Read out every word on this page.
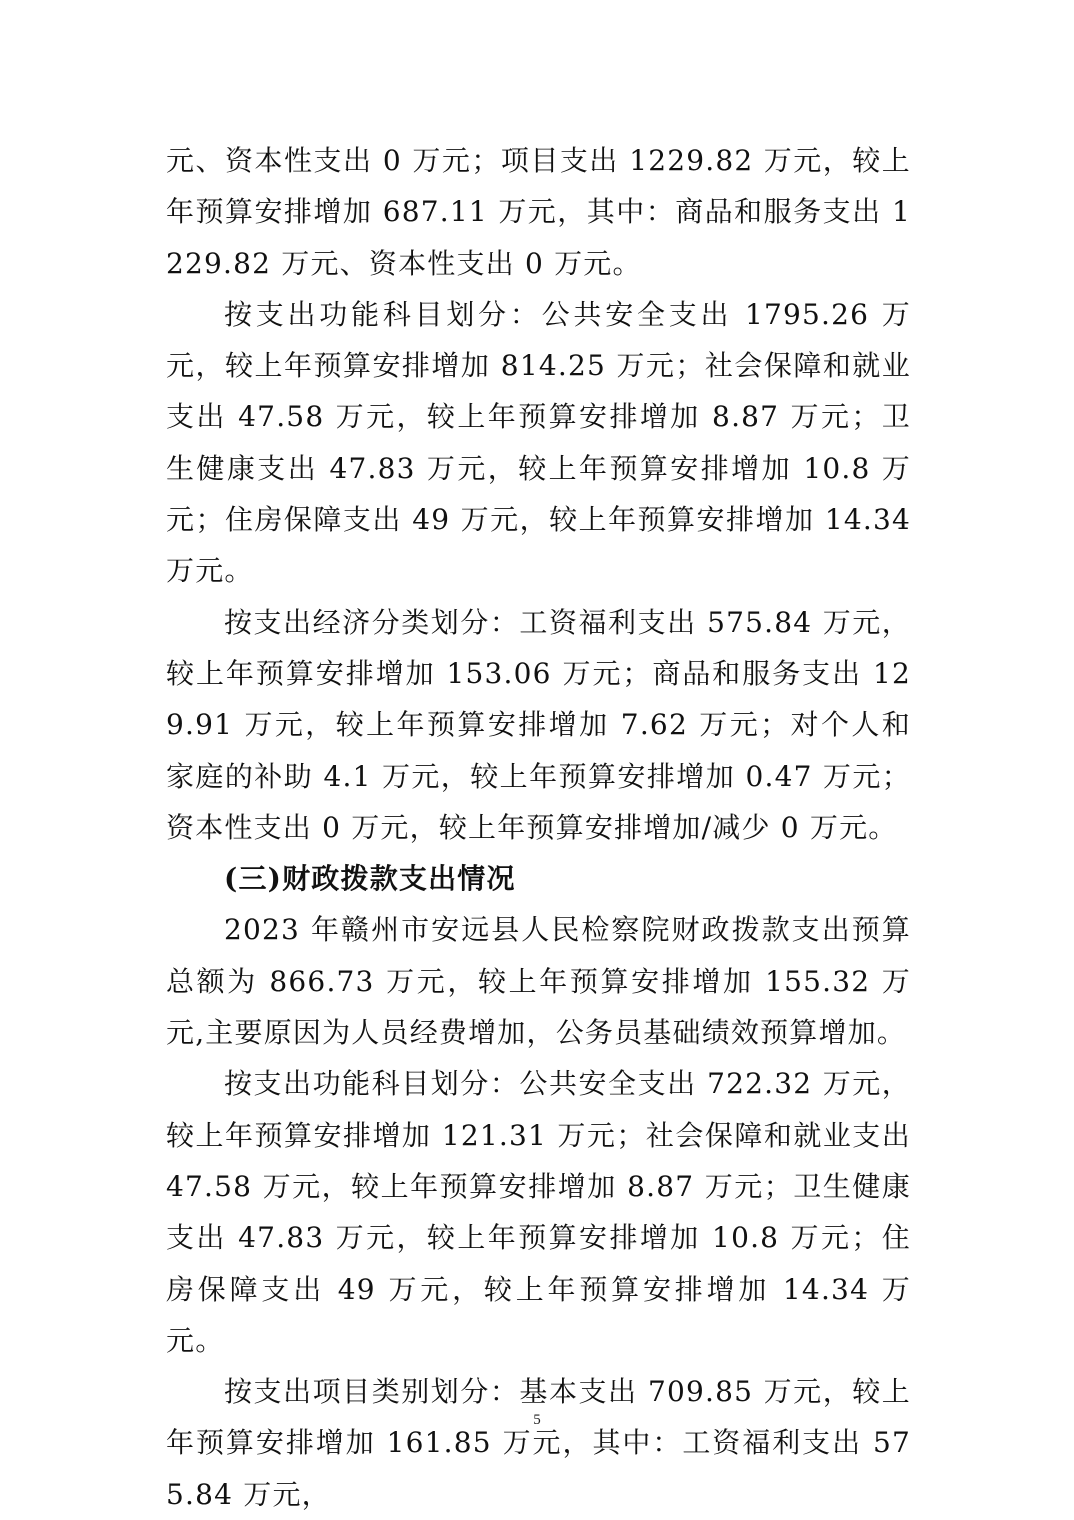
元、资本性支出 0 万元；项目支出 1229.82 万元，较上年预算安排增加 687.11 万元，其中：商品和服务支出 1229.82 万元、资本性支出 0 万元。

按支出功能科目划分：公共安全支出 1795.26 万元，较上年预算安排增加 814.25 万元；社会保障和就业支出 47.58 万元，较上年预算安排增加 8.87 万元；卫生健康支出 47.83 万元，较上年预算安排增加 10.8 万元；住房保障支出 49 万元，较上年预算安排增加 14.34 万元。

按支出经济分类划分：工资福利支出 575.84 万元，较上年预算安排增加 153.06 万元；商品和服务支出 129.91 万元，较上年预算安排增加 7.62 万元；对个人和家庭的补助 4.1 万元，较上年预算安排增加 0.47 万元；资本性支出 0 万元，较上年预算安排增加/减少 0 万元。

(三)财政拨款支出情况

2023 年赣州市安远县人民检察院财政拨款支出预算总额为 866.73 万元，较上年预算安排增加 155.32 万元,主要原因为人员经费增加，公务员基础绩效预算增加。

按支出功能科目划分：公共安全支出 722.32 万元，较上年预算安排增加 121.31 万元；社会保障和就业支出 47.58 万元，较上年预算安排增加 8.87 万元；卫生健康支出 47.83 万元，较上年预算安排增加 10.8 万元；住房保障支出 49 万元，较上年预算安排增加 14.34 万元。

按支出项目类别划分：基本支出 709.85 万元，较上年预算安排增加 161.85 万元，其中：工资福利支出 575.84 万元，

5
